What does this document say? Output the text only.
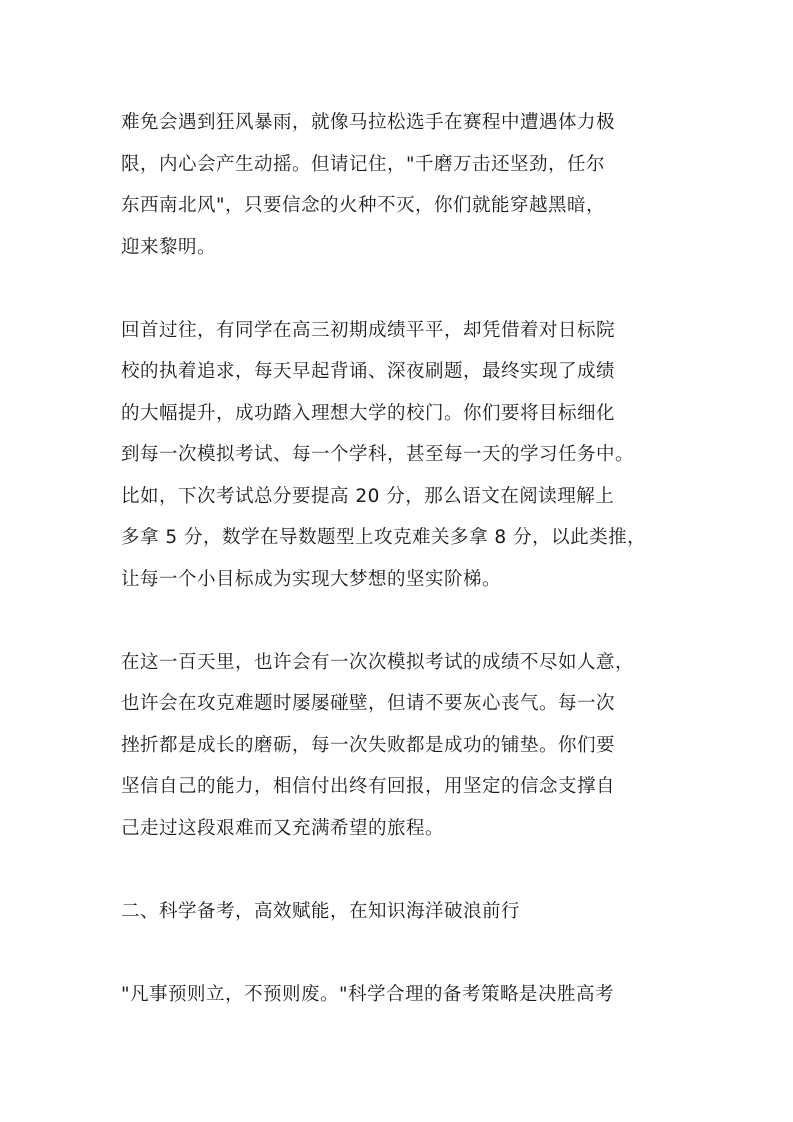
难免会遇到狂风暴雨，就像马拉松选手在赛程中遭遇体力极
限，内心会产生动摇。但请记住，"千磨万击还坚劲，任尔
东西南北风"，只要信念的火种不灭，你们就能穿越黑暗，
迎来黎明。
回首过往，有同学在高三初期成绩平平，却凭借着对日标院
校的执着追求，每天早起背诵、深夜刷题，最终实现了成绩
的大幅提升，成功踏入理想大学的校门。你们要将目标细化
到每一次模拟考试、每一个学科，甚至每一天的学习任务中。
比如，下次考试总分要提高 20 分，那么语文在阅读理解上
多拿 5 分，数学在导数题型上攻克难关多拿 8 分，以此类推，
让每一个小目标成为实现大梦想的坚实阶梯。
在这一百天里，也许会有一次次模拟考试的成绩不尽如人意，
也许会在攻克难题时屡屡碰壁，但请不要灰心丧气。每一次
挫折都是成长的磨砺，每一次失败都是成功的铺垫。你们要
坚信自己的能力，相信付出终有回报，用坚定的信念支撑自
己走过这段艰难而又充满希望的旅程。
二、科学备考，高效赋能，在知识海洋破浪前行
"凡事预则立，不预则废。"科学合理的备考策略是决胜高考
